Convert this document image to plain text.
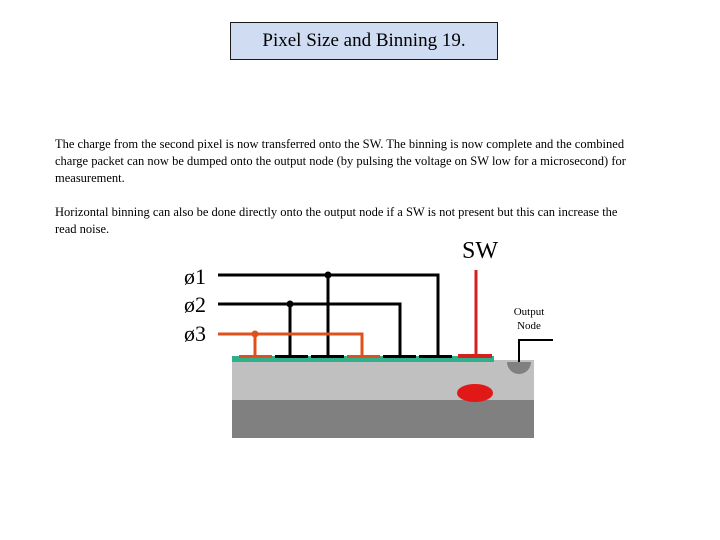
Pixel Size and Binning 19.

The charge from the second pixel is now transferred onto the SW. The binning is now complete and the combined charge packet can now be dumped onto the output node (by pulsing the voltage on SW low for a microsecond) for measurement.

Horizontal binning can also be done directly onto the output node if a SW is not present but this can increase the read noise.

ø1
ø2
ø3
SW
Output
Node
